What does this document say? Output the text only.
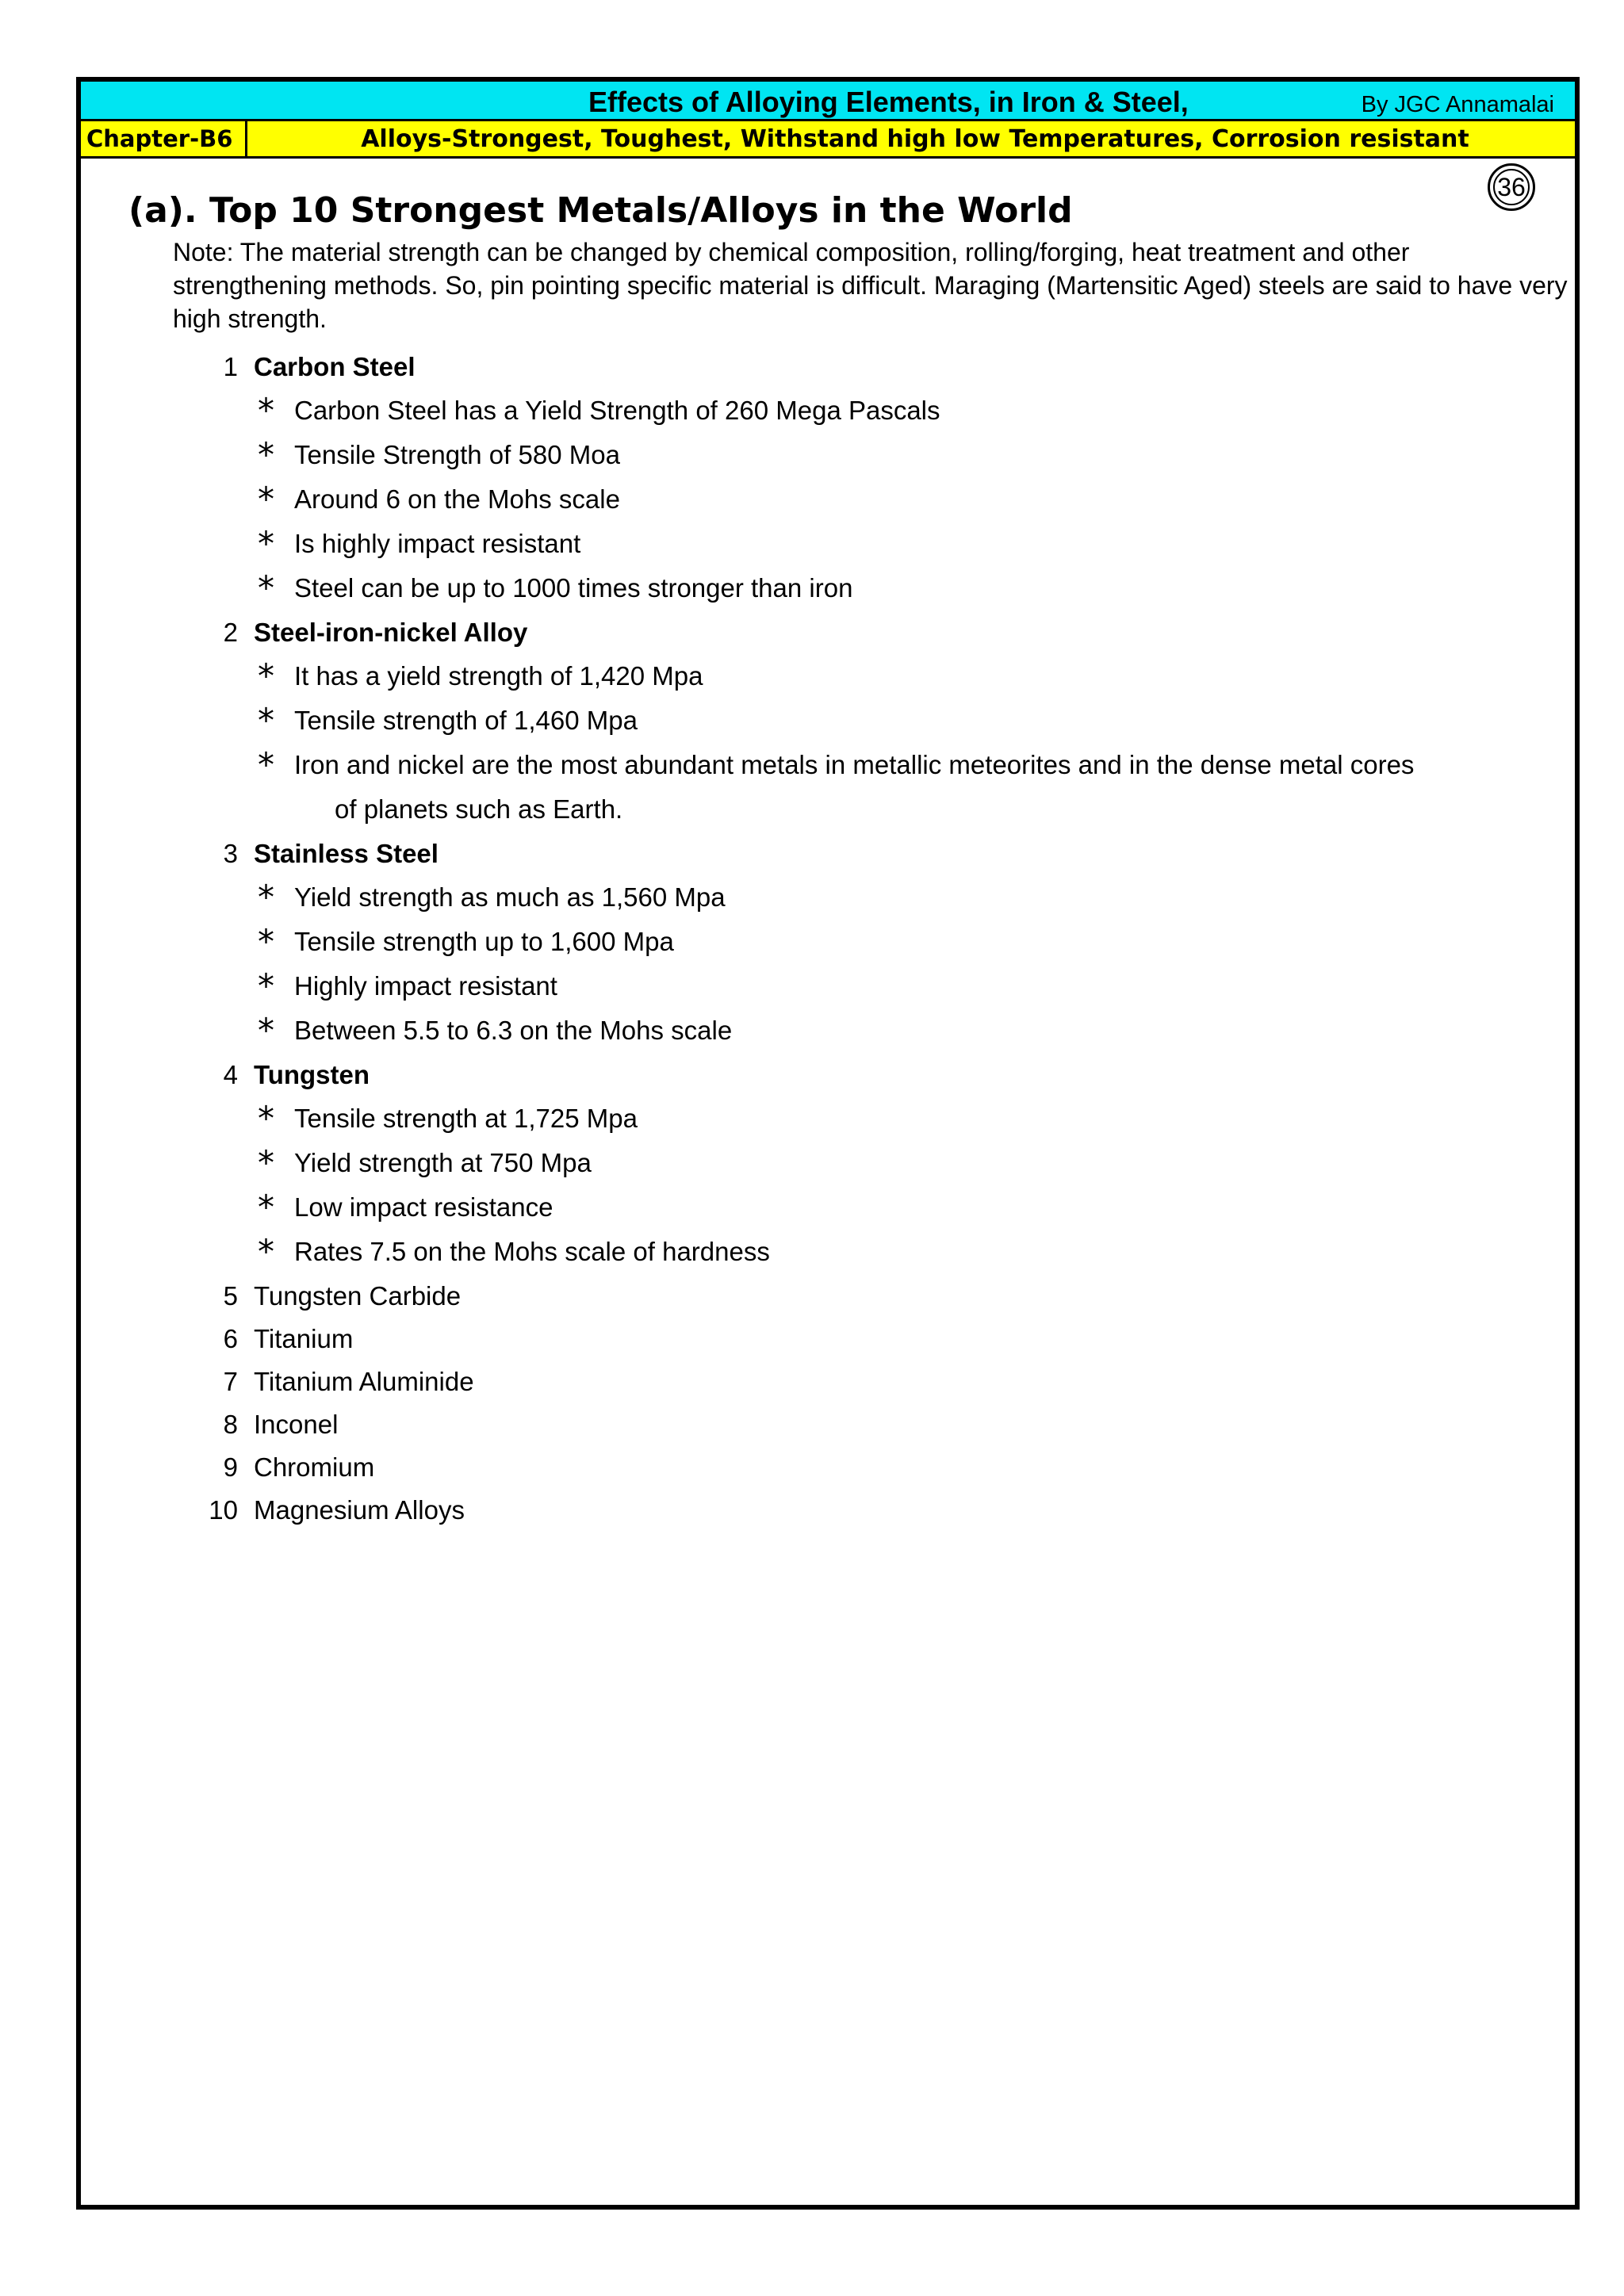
Effects of Alloying Elements, in Iron & Steel,	By JGC Annamalai
Chapter-B6	Alloys-Strongest, Toughest, Withstand high low Temperatures, Corrosion resistant
36
(a). Top 10 Strongest Metals/Alloys in the World
Note: The material strength can be changed by chemical composition, rolling/forging, heat treatment and other strengthening methods. So, pin pointing specific material is difficult. Maraging (Martensitic Aged) steels are said to have very high strength.
1 Carbon Steel
* Carbon Steel has a Yield Strength of 260 Mega Pascals
* Tensile Strength of 580 Moa
* Around 6 on the Mohs scale
* Is highly impact resistant
* Steel can be up to 1000 times stronger than iron
2 Steel-iron-nickel Alloy
* It has a yield strength of 1,420 Mpa
* Tensile strength of 1,460 Mpa
* Iron and nickel are the most abundant metals in metallic meteorites and in the dense metal cores
of planets such as Earth.
3 Stainless Steel
* Yield strength as much as 1,560 Mpa
* Tensile strength up to 1,600 Mpa
* Highly impact resistant
* Between 5.5 to 6.3 on the Mohs scale
4 Tungsten
* Tensile strength at 1,725 Mpa
* Yield strength at 750 Mpa
* Low impact resistance
* Rates 7.5 on the Mohs scale of hardness
5 Tungsten Carbide
6 Titanium
7 Titanium Aluminide
8 Inconel
9 Chromium
10 Magnesium Alloys
